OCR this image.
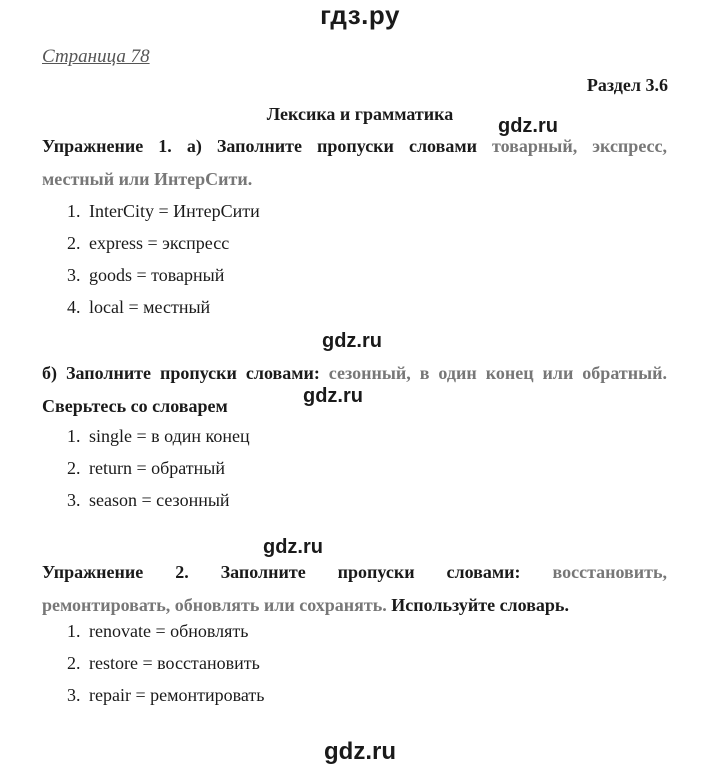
гдз.ру
Страница 78
Раздел 3.6
Лексика и грамматика
gdz.ru
Упражнение 1. а) Заполните пропуски словами товарный, экспресс,
местный или ИнтерСити.
1. InterCity = ИнтерСити
2. express = экспресс
3. goods = товарный
4. local = местный
gdz.ru
б) Заполните пропуски словами: сезонный, в один конец или обратный.
Сверьтесь со словарем	gdz.ru
1. single = в один конец
2. return = обратный
3. season = сезонный
gdz.ru
Упражнение 2. Заполните пропуски словами: восстановить,
ремонтировать, обновлять или сохранять. Используйте словарь.
1. renovate = обновлять
2. restore = восстановить
3. repair = ремонтировать
gdz.ru
